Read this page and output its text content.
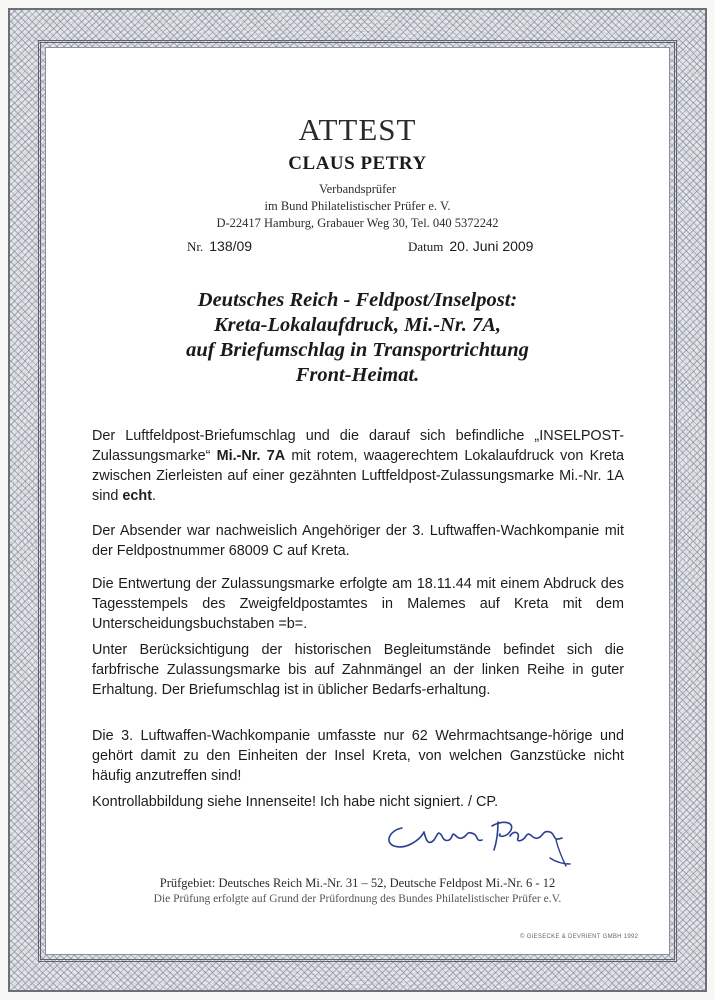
ATTEST
CLAUS PETRY
Verbandsprüfer
im Bund Philatelistischer Prüfer e. V.
D-22417 Hamburg, Grabauer Weg 30, Tel. 040 5372242
Nr. 138/09	Datum 20. Juni 2009
Deutsches Reich - Feldpost/Inselpost:
Kreta-Lokalaufdruck, Mi.-Nr. 7A,
auf Briefumschlag in Transportrichtung
Front-Heimat.
Der Luftfeldpost-Briefumschlag und die darauf sich befindliche „INSELPOST-Zulassungsmarke“ Mi.-Nr. 7A mit rotem, waagerechtem Lokalaufdruck von Kreta zwischen Zierleisten auf einer gezähnten Luftfeldpost-Zulassungsmarke Mi.-Nr. 1A sind echt.
Der Absender war nachweislich Angehöriger der 3. Luftwaffen-Wachkompanie mit der Feldpostnummer 68009 C auf Kreta.
Die Entwertung der Zulassungsmarke erfolgte am 18.11.44 mit einem Abdruck des Tagesstempels des Zweigfeldpostamtes in Malemes auf Kreta mit dem Unterscheidungsbuchstaben =b=.
Unter Berücksichtigung der historischen Begleitumstände befindet sich die farbfrische Zulassungsmarke bis auf Zahnmängel an der linken Reihe in guter Erhaltung. Der Briefumschlag ist in üblicher Bedarfs-erhaltung.
Die 3. Luftwaffen-Wachkompanie umfasste nur 62 Wehrmachtsange-hörige und gehört damit zu den Einheiten der Insel Kreta, von welchen Ganzstücke nicht häufig anzutreffen sind!
Kontrollabbildung siehe Innenseite! Ich habe nicht signiert. / CP.
Prüfgebiet: Deutsches Reich Mi.-Nr. 31 – 52, Deutsche Feldpost Mi.-Nr. 6 - 12
Die Prüfung erfolgte auf Grund der Prüfordnung des Bundes Philatelistischer Prüfer e.V.
© GIESECKE & DEVRIENT GMBH 1992
